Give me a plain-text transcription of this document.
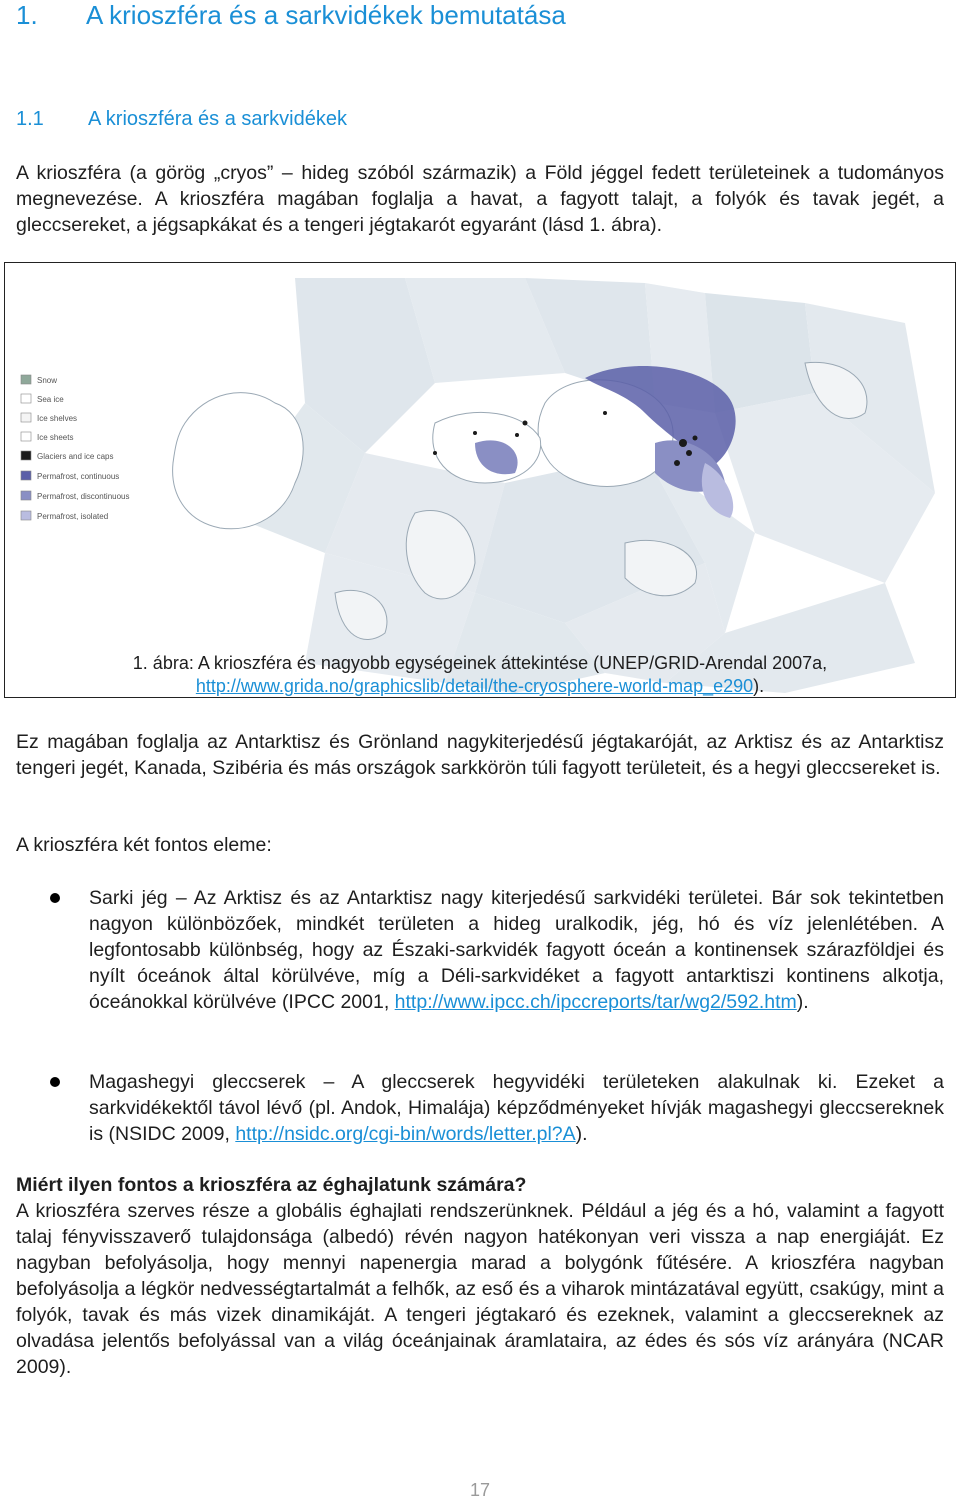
1. A krioszféra és a sarkvidékek bemutatása
1.1 A krioszféra és a sarkvidékek

A krioszféra (a görög „cryos” – hideg szóból származik) a Föld jéggel fedett területeinek a tudományos megnevezése. A krioszféra magában foglalja a havat, a fagyott talajt, a folyók és tavak jegét, a gleccsereket, a jégsapkákat és a tengeri jégtakarót egyaránt (lásd 1. ábra).

Snow
Sea ice
Ice shelves
Ice sheets
Glaciers and ice caps
Permafrost, continuous
Permafrost, discontinuous
Permafrost, isolated
1. ábra: A krioszféra és nagyobb egységeinek áttekintése (UNEP/GRID-Arendal 2007a,
http://www.grida.no/graphicslib/detail/the-cryosphere-world-map_e290).

Ez magában foglalja az Antarktisz és Grönland nagykiterjedésű jégtakaróját, az Arktisz és az Antarktisz tengeri jegét, Kanada, Szibéria és más országok sarkkörön túli fagyott területeit, és a hegyi gleccsereket is.

A krioszféra két fontos eleme:

Sarki jég – Az Arktisz és az Antarktisz nagy kiterjedésű sarkvidéki területei. Bár sok tekintetben nagyon különbözőek, mindkét területen a hideg uralkodik, jég, hó és víz jelenlétében. A legfontosabb különbség, hogy az Északi-sarkvidék fagyott óceán a kontinensek szárazföldjei és nyílt óceánok által körülvéve, míg a Déli-sarkvidéket a fagyott antarktiszi kontinens alkotja, óceánokkal körülvéve (IPCC 2001, http://www.ipcc.ch/ipccreports/tar/wg2/592.htm).

Magashegyi gleccserek – A gleccserek hegyvidéki területeken alakulnak ki. Ezeket a sarkvidékektől távol lévő (pl. Andok, Himalája) képződményeket hívják magashegyi gleccsereknek is (NSIDC 2009, http://nsidc.org/cgi-bin/words/letter.pl?A).

Miért ilyen fontos a krioszféra az éghajlatunk számára?

A krioszféra szerves része a globális éghajlati rendszerünknek. Például a jég és a hó, valamint a fagyott talaj fényvisszaverő tulajdonsága (albedó) révén nagyon hatékonyan veri vissza a nap energiáját. Ez nagyban befolyásolja, hogy mennyi napenergia marad a bolygónk fűtésére. A krioszféra nagyban befolyásolja a légkör nedvességtartalmát a felhők, az eső és a viharok mintázatával együtt, csakúgy, mint a folyók, tavak és más vizek dinamikáját. A tengeri jégtakaró és ezeknek, valamint a gleccsereknek az olvadása jelentős befolyással van a világ óceánjainak áramlataira, az édes és sós víz arányára (NCAR 2009).

17
